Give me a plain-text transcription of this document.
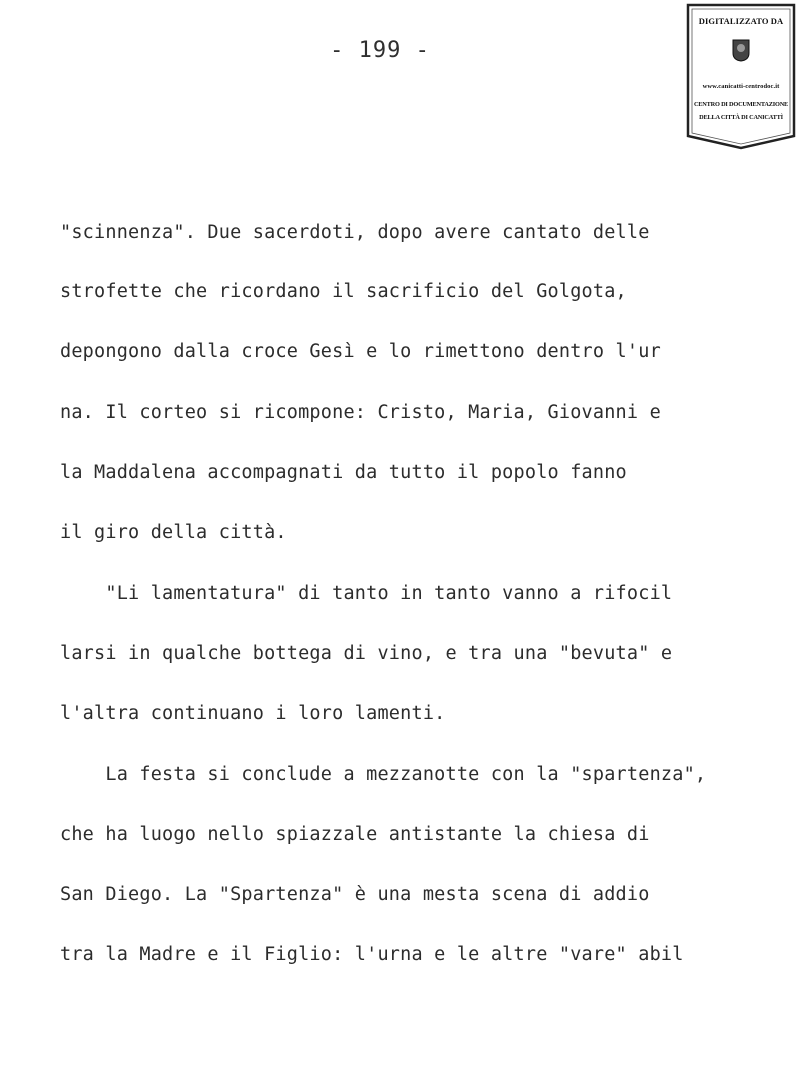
- 199 -
DIGITALIZZATO DA
www.canicatti-centrodoc.it
CENTRO DI DOCUMENTAZIONE
DELLA CITTÀ DI CANICATTÌ
"scinnenza". Due sacerdoti, dopo avere cantato delle
strofette che ricordano il sacrificio del Golgota,
depongono dalla croce Gesì e lo rimettono dentro l'ur
na. Il corteo si ricompone: Cristo, Maria, Giovanni e
la Maddalena accompagnati da tutto il popolo fanno
il giro della città.
"Li lamentatura" di tanto in tanto vanno a rifocil
larsi in qualche bottega di vino, e tra una "bevuta" e
l'altra continuano i loro lamenti.
La festa si conclude a mezzanotte con la "spartenza",
che ha luogo nello spiazzale antistante la chiesa di
San Diego. La "Spartenza" è una mesta scena di addio
tra la Madre e il Figlio: l'urna e le altre "vare" abil
